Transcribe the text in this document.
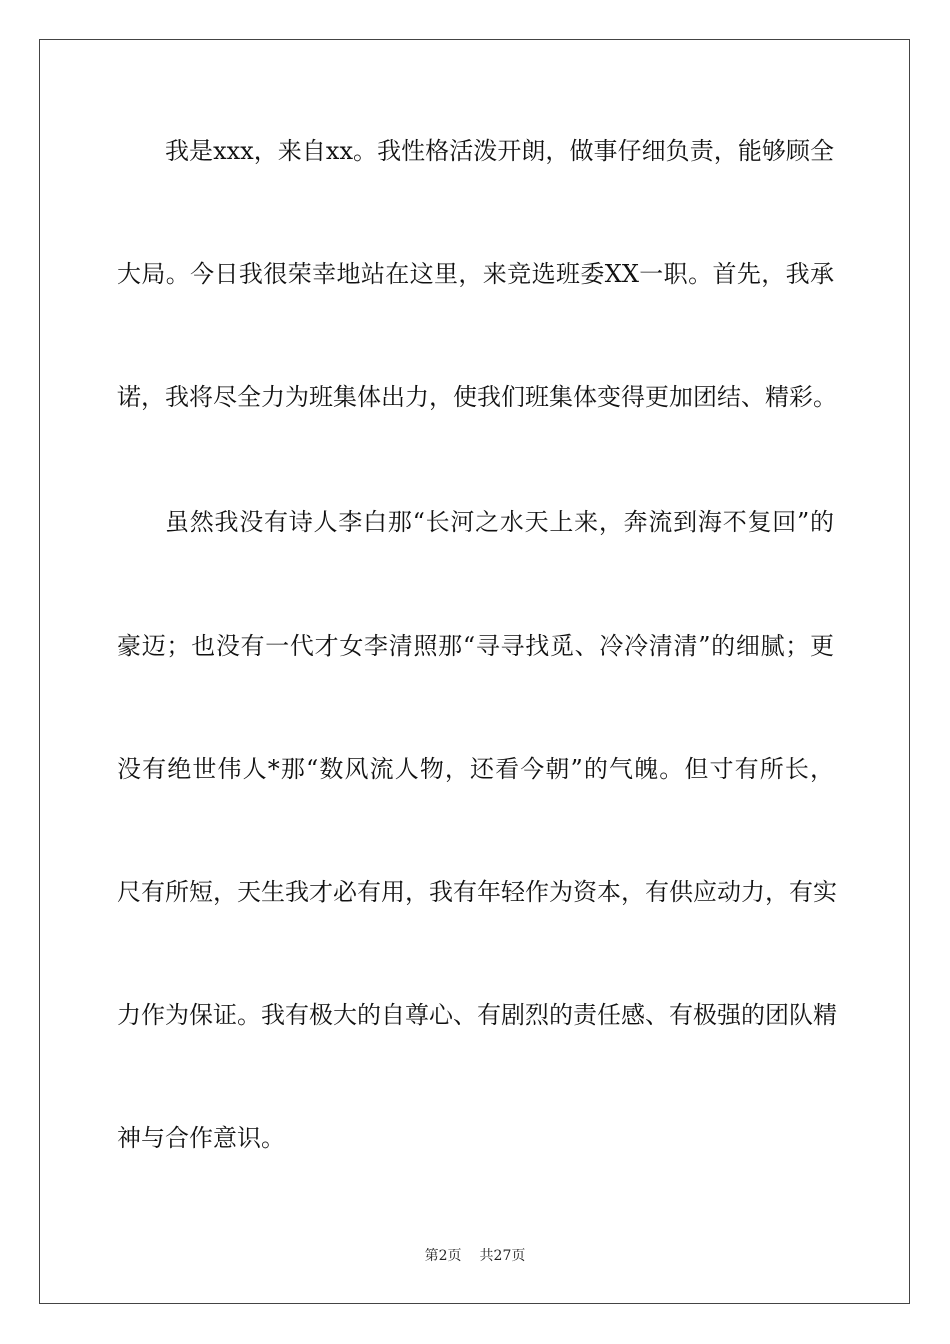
我是xxx，来自xx。我性格活泼开朗，做事仔细负责，能够顾全
大局。今日我很荣幸地站在这里，来竞选班委XX一职。首先，我承
诺，我将尽全力为班集体出力，使我们班集体变得更加团结、精彩。
虽然我没有诗人李白那“长河之水天上来，奔流到海不复回”的
豪迈；也没有一代才女李清照那“寻寻找觅、冷冷清清”的细腻；更
没有绝世伟人*那“数风流人物，还看今朝”的气魄。但寸有所长，
尺有所短，天生我才必有用，我有年轻作为资本，有供应动力，有实
力作为保证。我有极大的自尊心、有剧烈的责任感、有极强的团队精
神与合作意识。
第2页 共27页
